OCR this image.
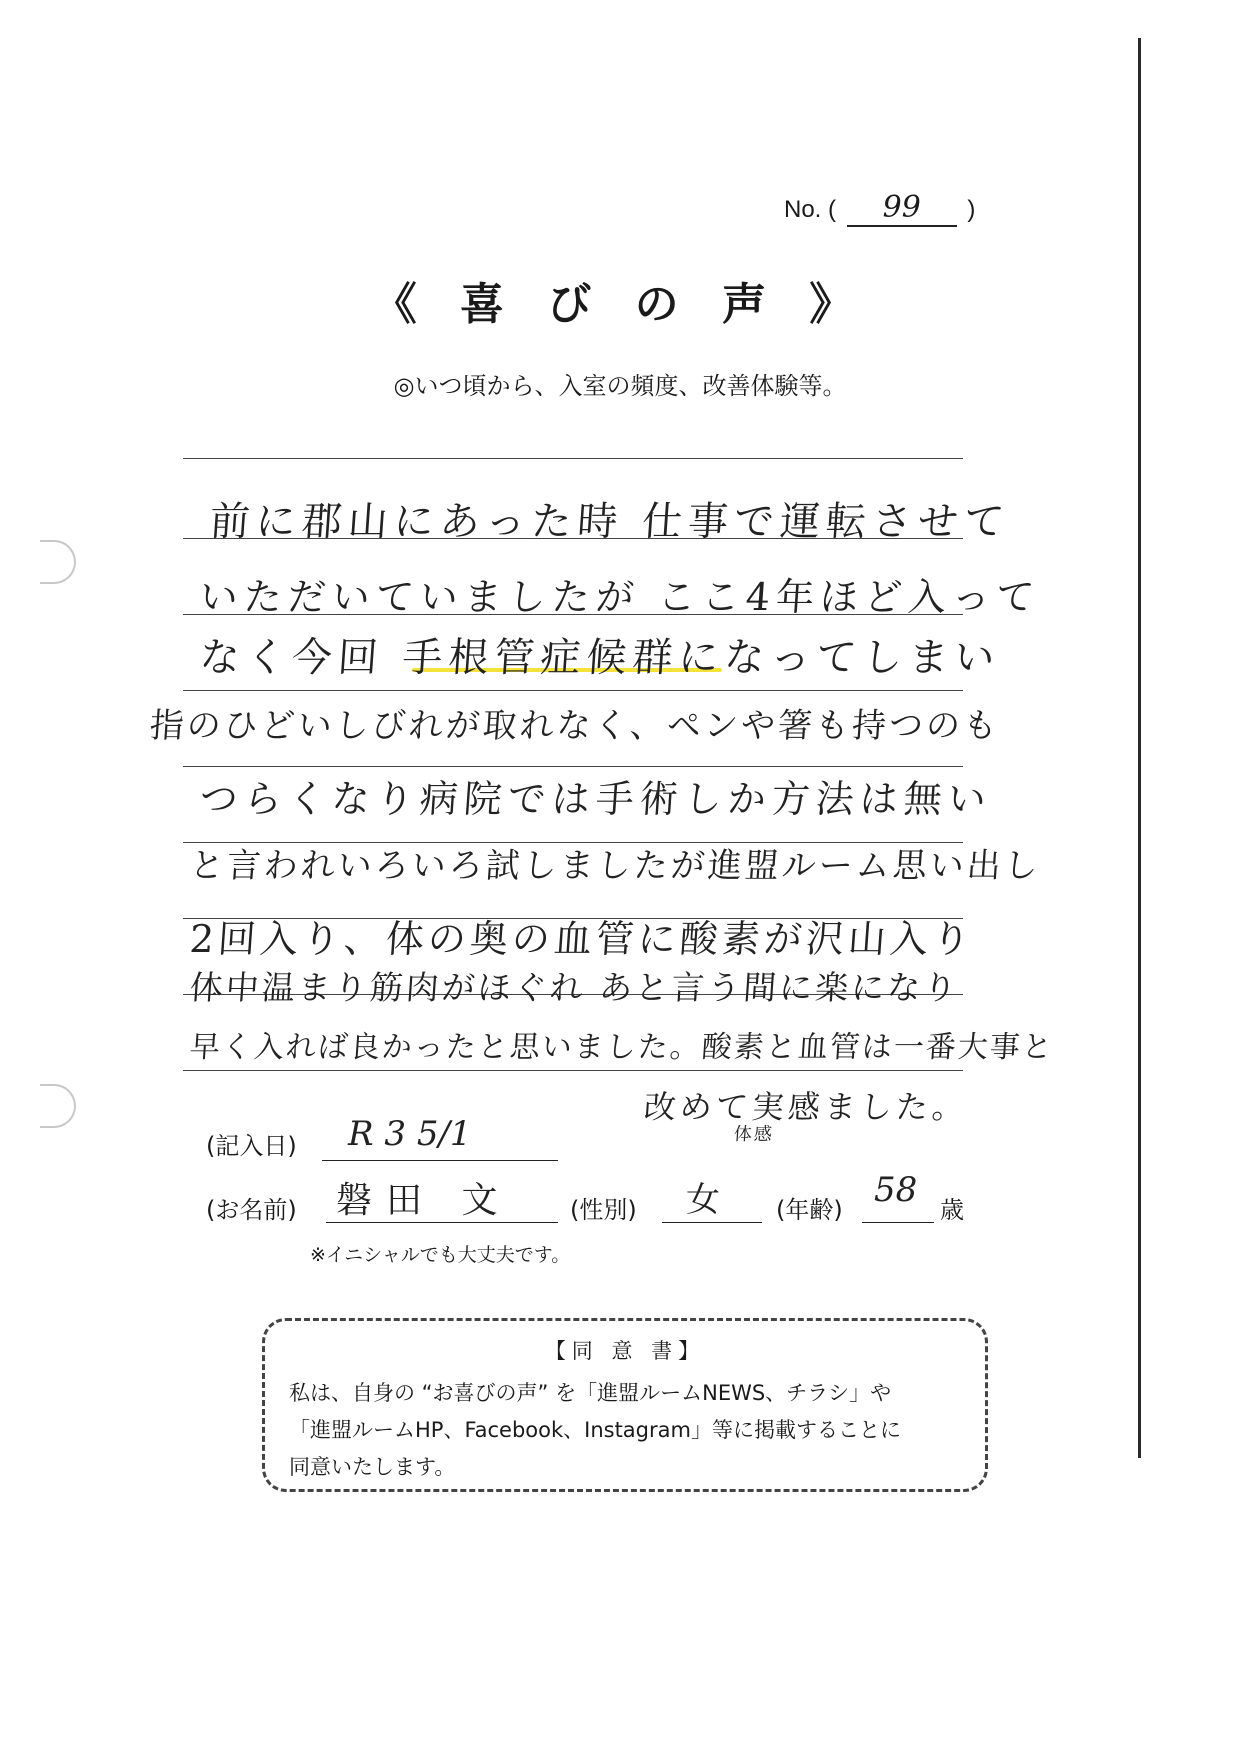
No. ( 99 )
《 喜 び の 声 》
◎いつ頃から、入室の頻度、改善体験等。
前に郡山にあった時 仕事で運転させて
いただいていましたが ここ4年ほど入って
なく今回 手根管症候群になってしまい
指のひどいしびれが取れなく、ペンや箸も持つのも
つらくなり病院では手術しか方法は無い
と言われいろいろ試しましたが進盟ルーム思い出し
2回入り、体の奥の血管に酸素が沢山入り
体中温まり筋肉がほぐれ あと言う間に楽になり
早く入れば良かったと思いました。酸素と血管は一番大事と
改めて実感ました。
体感
(記入日) R 3 5/1
(お名前) 磐田 文 (性別) 女 (年齢) 58 歳
※イニシャルでも大丈夫です。
【同 意 書】
私は、自身の “お喜びの声” を「進盟ルームNEWS、チラシ」や
「進盟ルームHP、Facebook、Instagram」等に掲載することに
同意いたします。
